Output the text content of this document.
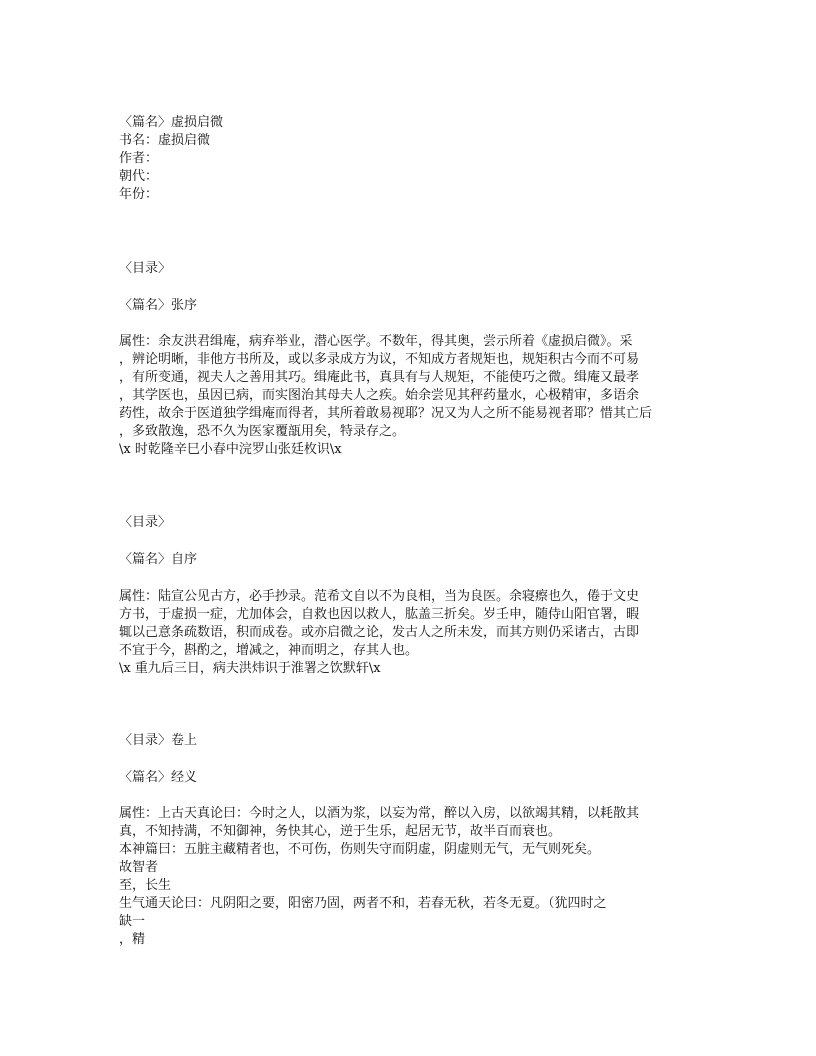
〈篇名〉虚损启微
书名：虚损启微
作者：
朝代：
年份：
〈目录〉
〈篇名〉张序
属性：余友洪君缉庵，病弃举业，潜心医学。不数年，得其奥，尝示所着《虚损启微》。采
，辨论明晰，非他方书所及，或以多录成方为议，不知成方者规矩也，规矩积古今而不可易
，有所变通，视夫人之善用其巧。缉庵此书，真具有与人规矩，不能使巧之微。缉庵又最孝
，其学医也，虽因已病，而实图治其母夫人之疾。始余尝见其秤药量水，心极精审，多语余
药性，故余于医道独学缉庵而得者，其所着敢易视耶？况又为人之所不能易视者耶？惜其亡后
，多致散逸，恐不久为医家覆瓿用矣，特录存之。
\x 时乾隆辛巳小春中浣罗山张廷枚识\x
〈目录〉
〈篇名〉自序
属性：陆宣公见古方，必手抄录。范希文自以不为良相，当为良医。余寝瘵也久，倦于文史
方书，于虚损一症，尤加体会，自救也因以救人，肱盖三折矣。岁壬申，随侍山阳官署，暇
辄以己意条疏数语，积而成卷。或亦启微之论，发古人之所未发，而其方则仍采诸古，古即
不宜于今，斟酌之，增减之，神而明之，存其人也。
\x 重九后三日，病夫洪炜识于淮署之饮默轩\x
〈目录〉卷上
〈篇名〉经义
属性：上古天真论曰：今时之人，以酒为浆，以妄为常，醉以入房，以欲竭其精，以耗散其
真，不知持满，不知御神，务快其心，逆于生乐，起居无节，故半百而衰也。
本神篇曰：五脏主藏精者也，不可伤，伤则失守而阴虚，阴虚则无气，无气则死矣。
故智者
至，长生
生气通天论曰：凡阴阳之要，阳密乃固，两者不和，若春无秋，若冬无夏。（犹四时之
缺一
，精
